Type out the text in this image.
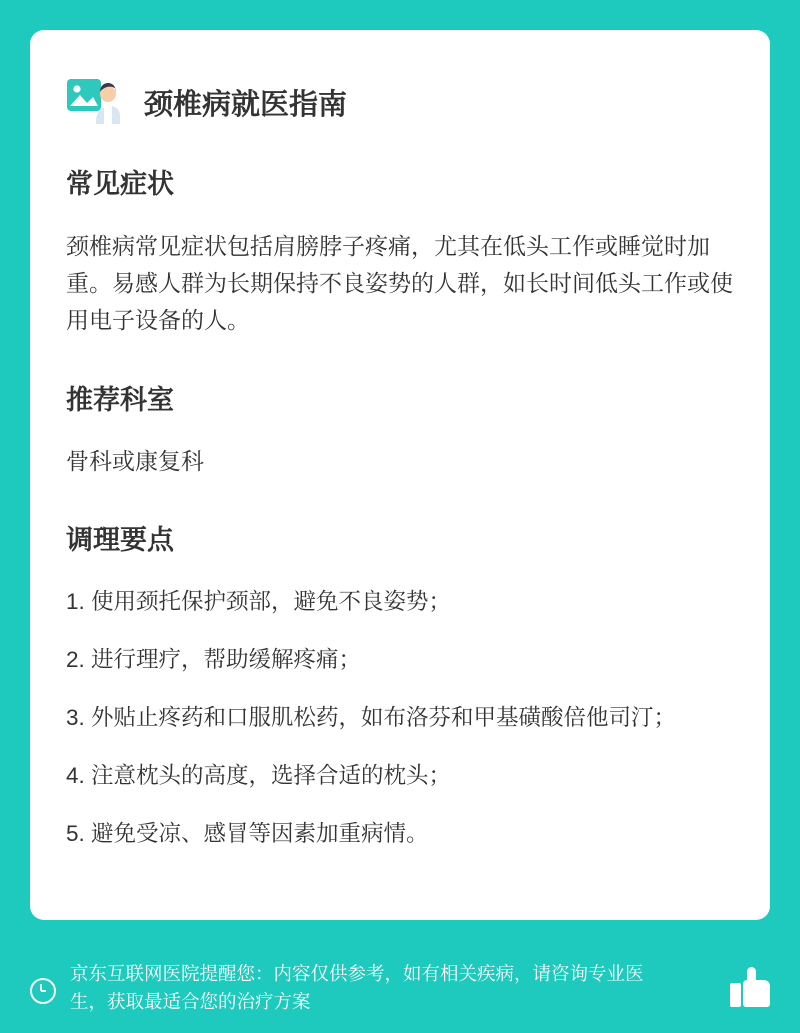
颈椎病就医指南
常见症状

颈椎病常见症状包括肩膀脖子疼痛，尤其在低头工作或睡觉时加重。易感人群为长期保持不良姿势的人群，如长时间低头工作或使用电子设备的人。

推荐科室

骨科或康复科

调理要点
1. 使用颈托保护颈部，避免不良姿势；
2. 进行理疗，帮助缓解疼痛；
3. 外贴止疼药和口服肌松药，如布洛芬和甲基磺酸倍他司汀；
4. 注意枕头的高度，选择合适的枕头；
5. 避免受凉、感冒等因素加重病情。
京东互联网医院提醒您：内容仅供参考，如有相关疾病，请咨询专业医生，获取最适合您的治疗方案
